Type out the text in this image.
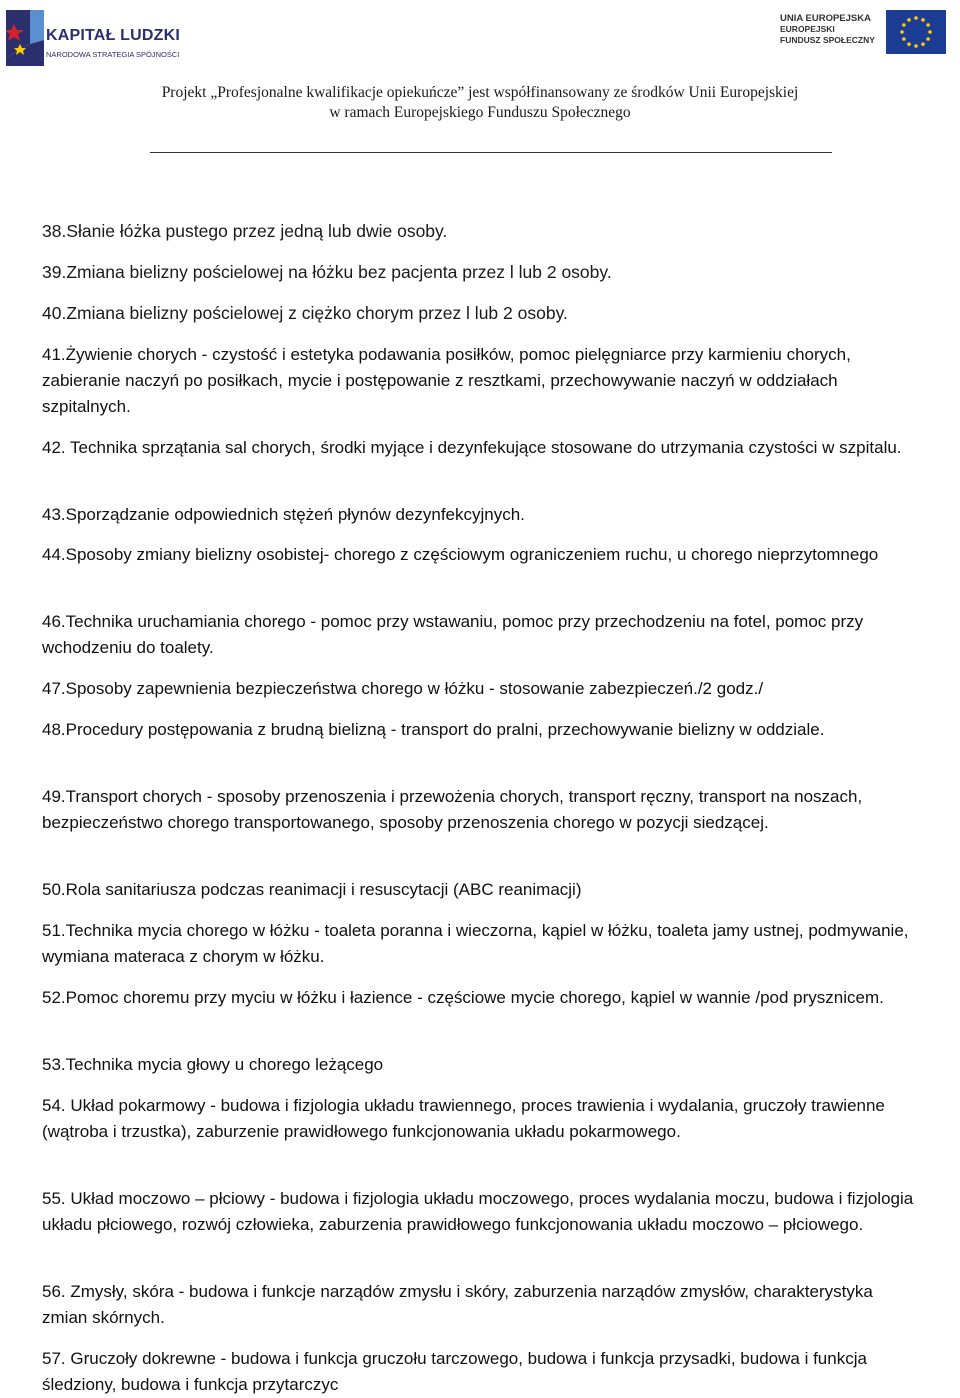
KAPITAŁ LUDZKI
NARODOWA STRATEGIA SPÓJNOŚCI
UNIA EUROPEJSKA
EUROPEJSKI
FUNDUSZ SPOŁECZNY
Projekt „Profesjonalne kwalifikacje opiekuńcze” jest współfinansowany ze środków Unii Europejskiej
w ramach Europejskiego Funduszu Społecznego
38.Słanie łóżka pustego przez jedną lub dwie osoby.
39.Zmiana bielizny pościelowej na łóżku bez pacjenta przez l lub 2 osoby.
40.Zmiana bielizny pościelowej z ciężko chorym przez l lub 2 osoby.
41.Żywienie chorych - czystość i estetyka podawania posiłków, pomoc pielęgniarce przy karmieniu chorych, zabieranie naczyń po posiłkach, mycie i postępowanie z resztkami, przechowywanie naczyń w oddziałach szpitalnych.
42. Technika sprzątania sal chorych, środki myjące i dezynfekujące stosowane do utrzymania czystości w szpitalu.
43.Sporządzanie odpowiednich stężeń płynów dezynfekcyjnych.
44.Sposoby zmiany bielizny osobistej- chorego z częściowym ograniczeniem ruchu, u chorego nieprzytomnego
46.Technika uruchamiania chorego - pomoc przy wstawaniu, pomoc przy przechodzeniu na fotel, pomoc przy wchodzeniu do toalety.
47.Sposoby zapewnienia bezpieczeństwa chorego w łóżku - stosowanie zabezpieczeń./2 godz./
48.Procedury postępowania z brudną bielizną - transport do pralni, przechowywanie bielizny w oddziale.
49.Transport chorych - sposoby przenoszenia i przewożenia chorych, transport ręczny, transport na noszach, bezpieczeństwo chorego transportowanego, sposoby przenoszenia chorego w pozycji siedzącej.
50.Rola sanitariusza podczas reanimacji i resuscytacji (ABC reanimacji)
51.Technika mycia chorego w łóżku - toaleta poranna i wieczorna, kąpiel w łóżku, toaleta jamy ustnej, podmywanie, wymiana materaca z chorym w łóżku.
52.Pomoc choremu przy myciu w łóżku i łazience - częściowe mycie chorego, kąpiel w wannie /pod prysznicem.
53.Technika mycia głowy u chorego leżącego
54. Układ pokarmowy - budowa i fizjologia układu trawiennego, proces trawienia i wydalania, gruczoły trawienne (wątroba i trzustka), zaburzenie prawidłowego funkcjonowania układu pokarmowego.
55. Układ moczowo – płciowy - budowa i fizjologia układu moczowego, proces wydalania moczu, budowa i fizjologia układu płciowego, rozwój człowieka, zaburzenia prawidłowego funkcjonowania układu moczowo – płciowego.
56. Zmysły, skóra - budowa i funkcje narządów zmysłu i skóry, zaburzenia narządów zmysłów, charakterystyka zmian skórnych.
57. Gruczoły dokrewne - budowa i funkcja gruczołu tarczowego, budowa i funkcja przysadki, budowa i funkcja śledziony, budowa i funkcja przytarczyc
